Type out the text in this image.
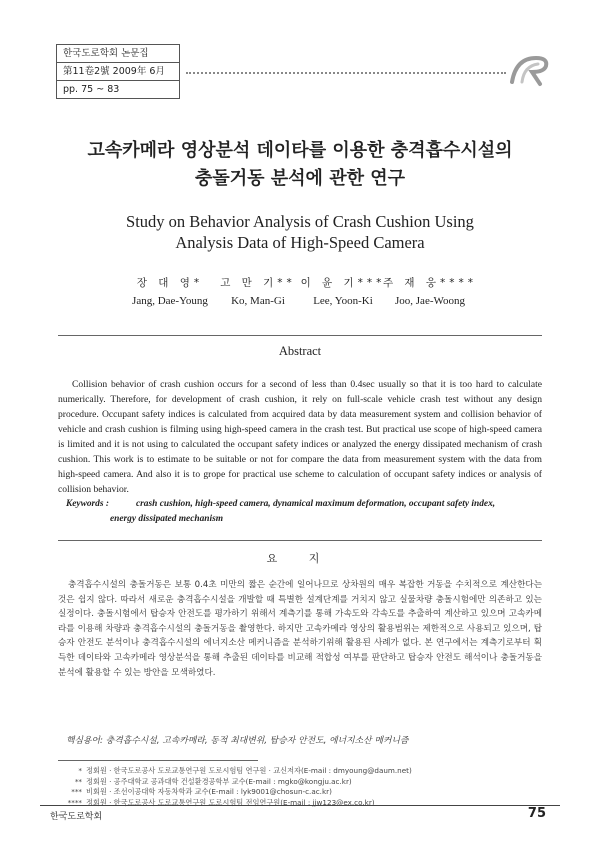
한국도로학회 논문집
第11卷2號 2009年 6月
pp. 75 ~ 83
고속카메라 영상분석 데이타를 이용한 충격흡수시설의
충돌거동 분석에 관한 연구
Study on Behavior Analysis of Crash Cushion Using
Analysis Data of High-Speed Camera
장 대 영*
Jang, Dae-Young
고 만 기**
Ko, Man-Gi
이 윤 기***
Lee, Yoon-Ki
주 재 웅****
Joo, Jae-Woong
Abstract

Collision behavior of crash cushion occurs for a second of less than 0.4sec usually so that it is too hard to calculate numerically. Therefore, for development of crash cushion, it rely on full-scale vehicle crash test without any design procedure. Occupant safety indices is calculated from acquired data by data measurement system and collision behavior of vehicle and crash cushion is filming using high-speed camera in the crash test. But practical use scope of high-speed camera is limited and it is not using to calculated the occupant safety indices or analyzed the energy dissipated mechanism of crash cushion. This work is to estimate to be suitable or not for compare the data from measurement system with the data from high-speed camera. And also it is to grope for practical use scheme to calculation of occupant safety indices or analysis of collision behavior.

Keywords :	crash cushion, high-speed camera, dynamical maximum deformation, occupant safety index,
energy dissipated mechanism
요 지

충격흡수시설의 충돌거동은 보통 0.4초 미만의 짧은 순간에 일어나므로 상차원의 매우 복잡한 거동을 수치적으로 계산한다는 것은 쉽지 않다. 따라서 새로운 충격흡수시설을 개발할 때 특별한 설계단계를 거치지 않고 실물차량 충돌시험에만 의존하고 있는 실정이다. 충돌시험에서 탑승자 안전도를 평가하기 위해서 계측기를 통해 가속도와 각속도를 추출하여 계산하고 있으며 고속카메라를 이용해 차량과 충격흡수시설의 충돌거동을 촬영한다. 하지만 고속카메라 영상의 활용범위는 제한적으로 사용되고 있으며, 탑승자 안전도 분석이나 충격흡수시설의 에너지소산 메커니즘을 분석하기위해 활용된 사례가 없다. 본 연구에서는 계측기로부터 획득한 데이타와 고속카메라 영상분석을 통해 추출된 데이타를 비교해 적합성 여부를 판단하고 탑승자 안전도 해석이나 충돌거동을 분석에 활용할 수 있는 방안을 모색하였다.

핵심용어: 충격흡수시설, 고속카메라, 동적 최대변위, 탑승자 안전도, 에너지소산 메커니즘
* 정회원 · 한국도로공사 도로교통연구원 도로시험팀 연구원 · 교신저자(E-mail : dmyoung@daum.net)
** 정회원 · 공주대학교 공과대학 건설환경공학부 교수(E-mail : mgko@kongju.ac.kr)
*** 비회원 · 조선이공대학 자동차학과 교수(E-mail : lyk9001@chosun-c.ac.kr)
**** 정회원 · 한국도로공사 도로교통연구원 도로시험팀 전임연구원(E-mail : jjw123@ex.co.kr)
한국도로학회	75
